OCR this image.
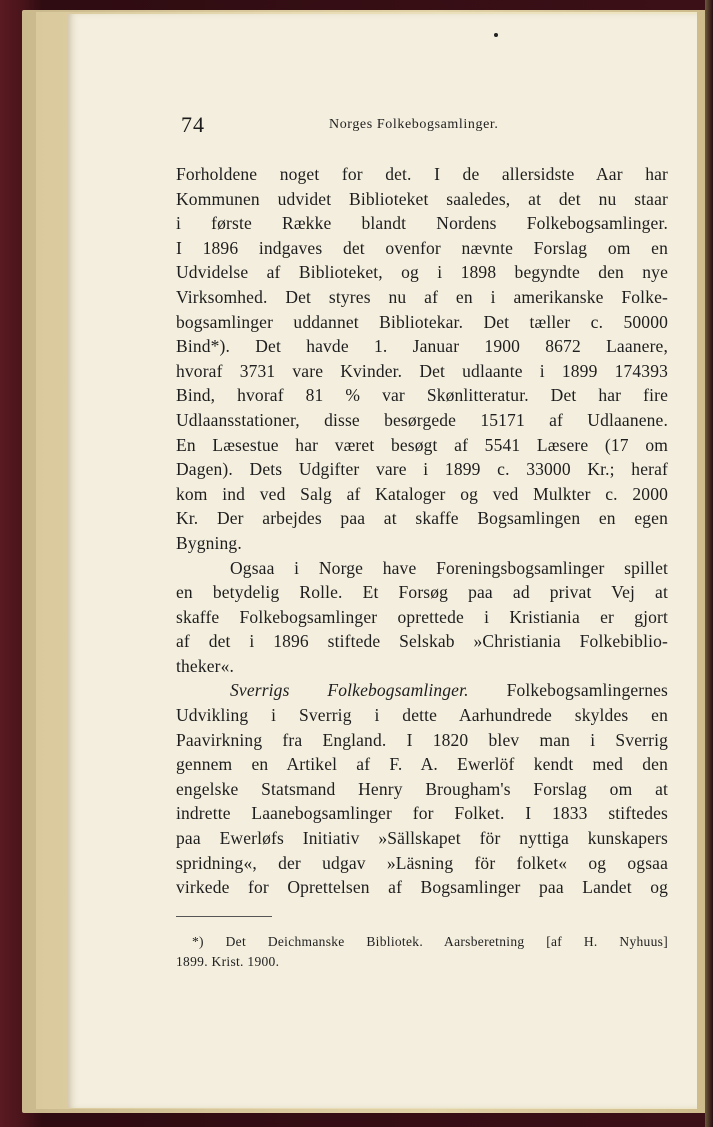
74	Norges Folkebogsamlinger.
Forholdene noget for det. I de allersidste Aar har
Kommunen udvidet Biblioteket saaledes, at det nu staar
i første Række blandt Nordens Folkebogsamlinger.
I 1896 indgaves det ovenfor nævnte Forslag om en
Udvidelse af Biblioteket, og i 1898 begyndte den nye
Virksomhed. Det styres nu af en i amerikanske Folke-
bogsamlinger uddannet Bibliotekar. Det tæller c. 50000
Bind*). Det havde 1. Januar 1900 8672 Laanere,
hvoraf 3731 vare Kvinder. Det udlaante i 1899 174393
Bind, hvoraf 81 % var Skønlitteratur. Det har fire
Udlaansstationer, disse besørgede 15171 af Udlaanene.
En Læsestue har været besøgt af 5541 Læsere (17 om
Dagen). Dets Udgifter vare i 1899 c. 33000 Kr.; heraf
kom ind ved Salg af Kataloger og ved Mulkter c. 2000
Kr. Der arbejdes paa at skaffe Bogsamlingen en egen
Bygning.
Ogsaa i Norge have Foreningsbogsamlinger spillet
en betydelig Rolle. Et Forsøg paa ad privat Vej at
skaffe Folkebogsamlinger oprettede i Kristiania er gjort
af det i 1896 stiftede Selskab »Christiania Folkebiblio-
theker«.
Sverrigs Folkebogsamlinger. Folkebogsamlingernes
Udvikling i Sverrig i dette Aarhundrede skyldes en
Paavirkning fra England. I 1820 blev man i Sverrig
gennem en Artikel af F. A. Ewerlöf kendt med den
engelske Statsmand Henry Brougham's Forslag om at
indrette Laanebogsamlinger for Folket. I 1833 stiftedes
paa Ewerløfs Initiativ »Sällskapet för nyttiga kunskapers
spridning«, der udgav »Läsning för folket« og ogsaa
virkede for Oprettelsen af Bogsamlinger paa Landet og
*) Det Deichmanske Bibliotek. Aarsberetning [af H. Nyhuus]
1899. Krist. 1900.
